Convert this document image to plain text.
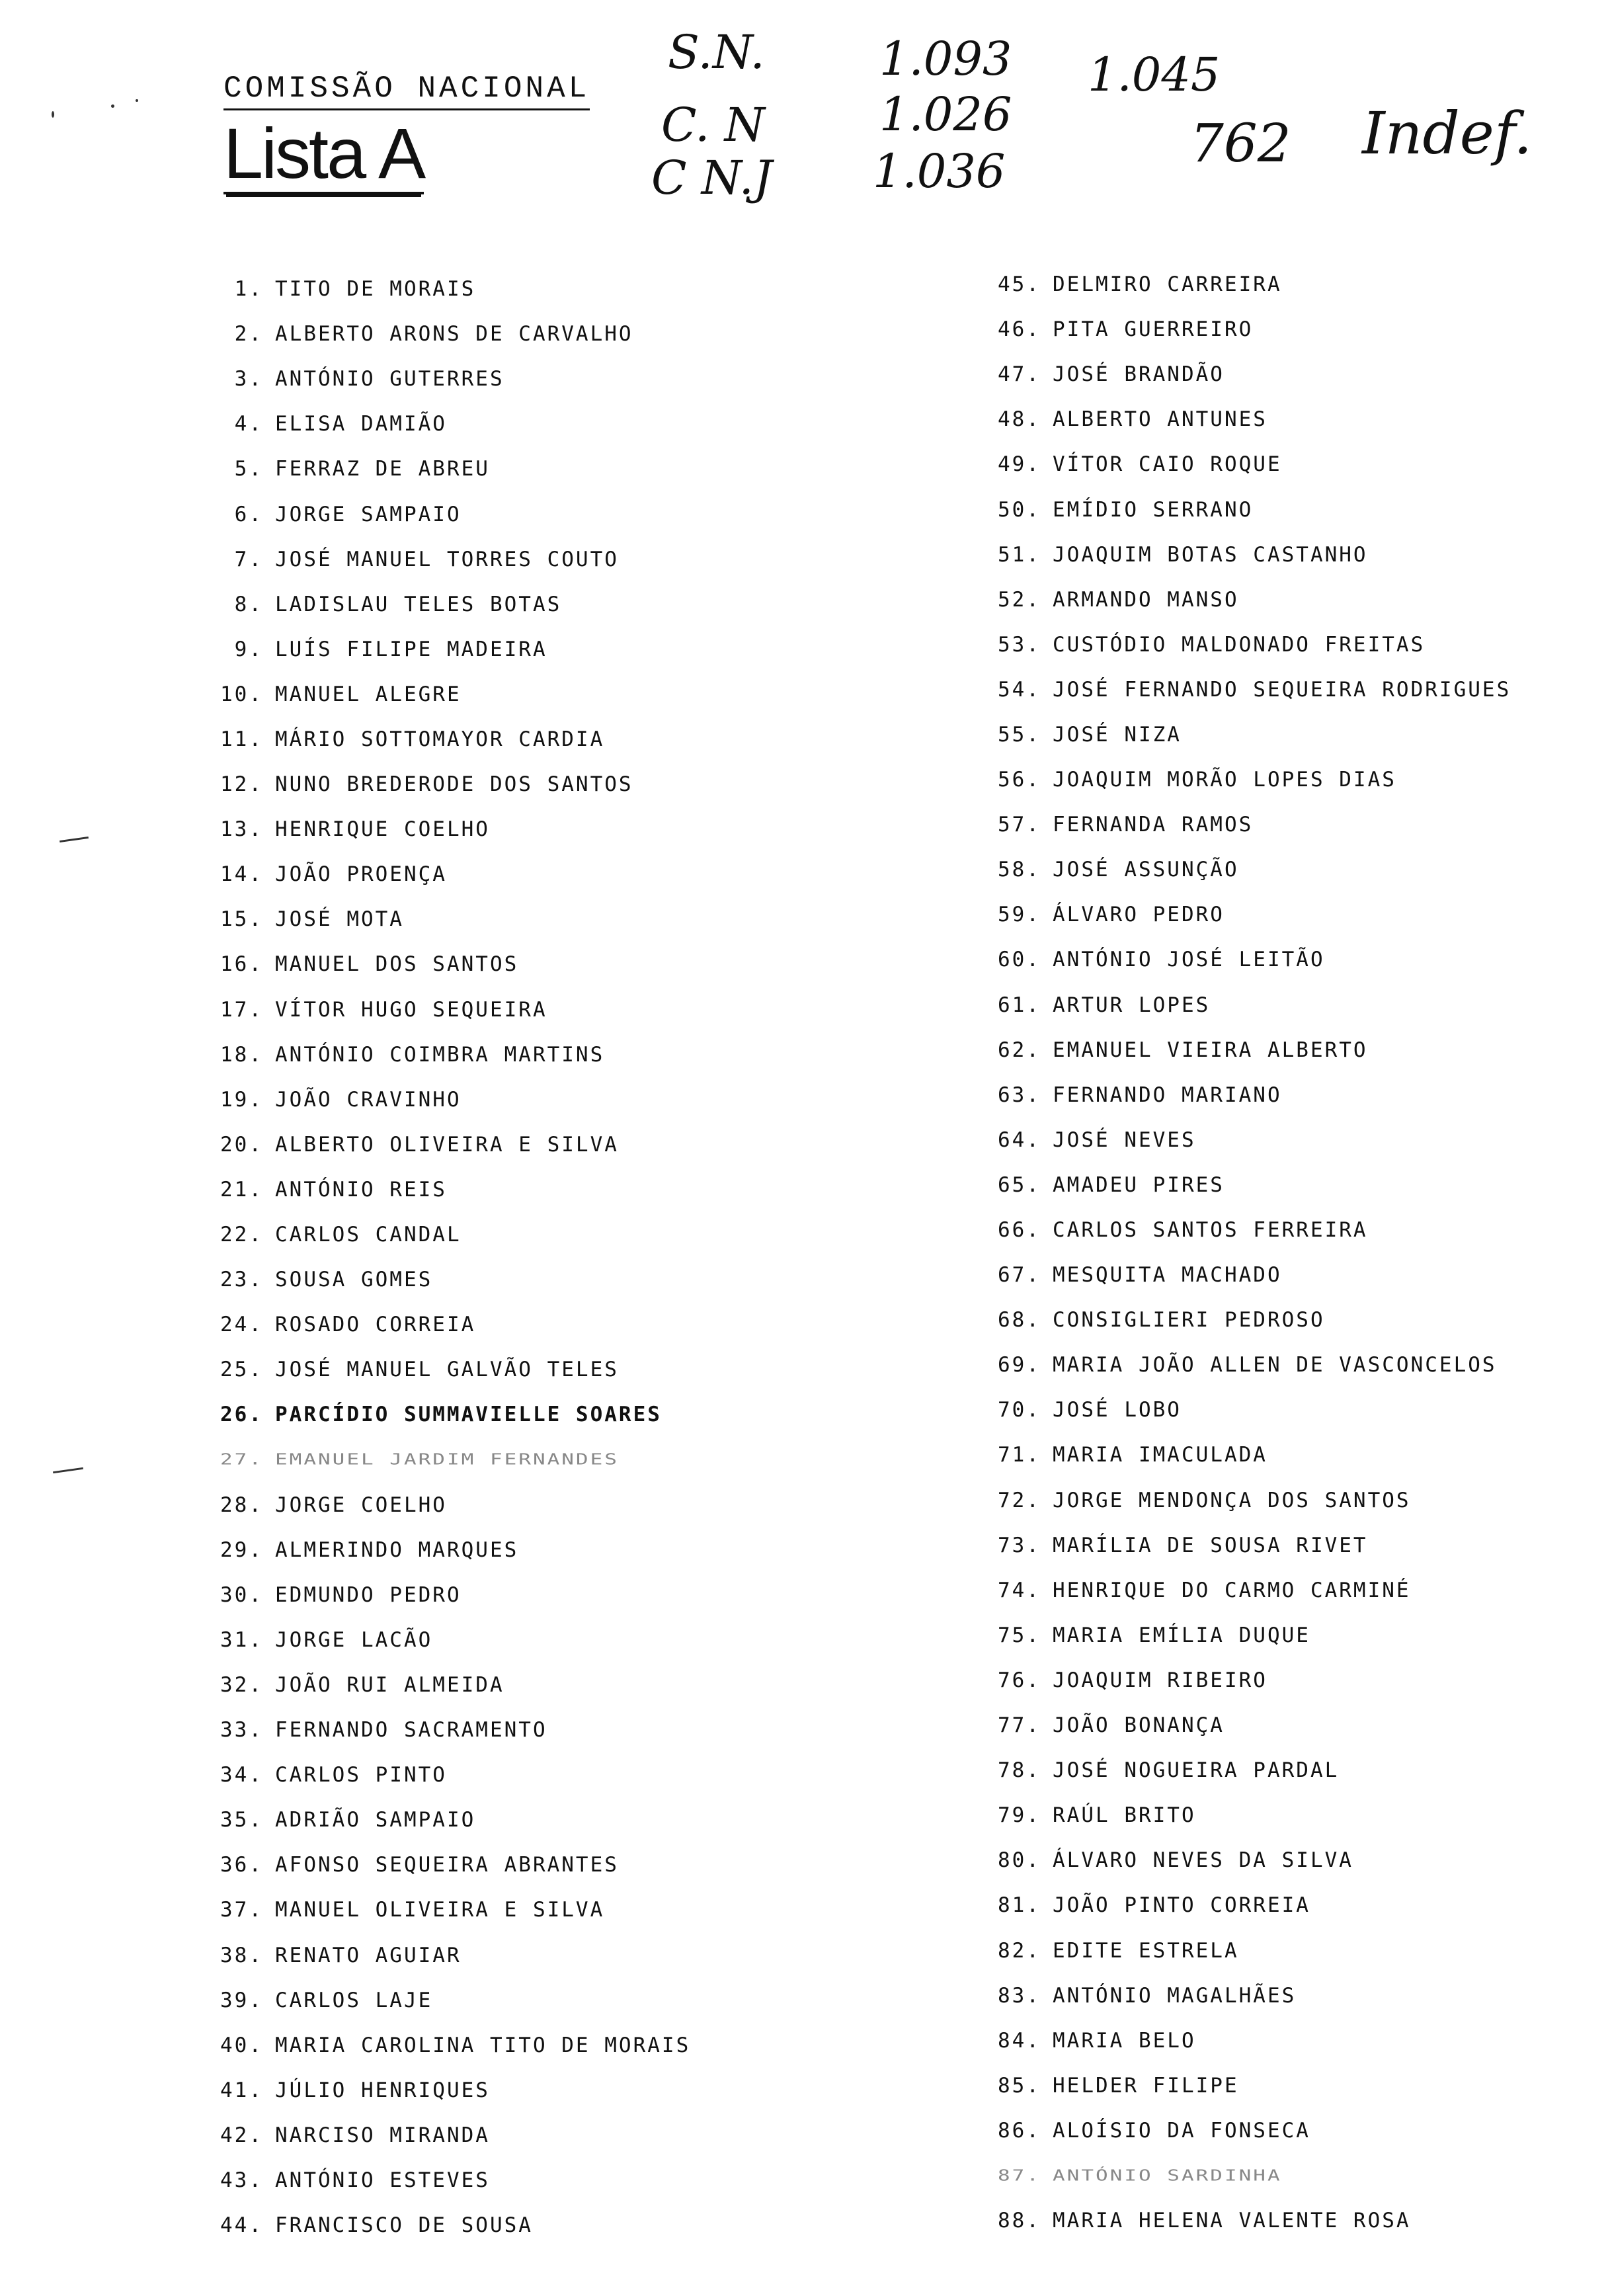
COMISSÃO NACIONAL
Lista A
S.N. 1.093
C. N 1.026
C N.J 1.036
1.045
762 Indef.
1. TITO DE MORAIS
2. ALBERTO ARONS DE CARVALHO
3. ANTÓNIO GUTERRES
4. ELISA DAMIÃO
5. FERRAZ DE ABREU
6. JORGE SAMPAIO
7. JOSÉ MANUEL TORRES COUTO
8. LADISLAU TELES BOTAS
9. LUÍS FILIPE MADEIRA
10. MANUEL ALEGRE
11. MÁRIO SOTTOMAYOR CARDIA
12. NUNO BREDERODE DOS SANTOS
13. HENRIQUE COELHO
14. JOÃO PROENÇA
15. JOSÉ MOTA
16. MANUEL DOS SANTOS
17. VÍTOR HUGO SEQUEIRA
18. ANTÓNIO COIMBRA MARTINS
19. JOÃO CRAVINHO
20. ALBERTO OLIVEIRA E SILVA
21. ANTÓNIO REIS
22. CARLOS CANDAL
23. SOUSA GOMES
24. ROSADO CORREIA
25. JOSÉ MANUEL GALVÃO TELES
26. PARCÍDIO SUMMAVIELLE SOARES
27. EMANUEL JARDIM FERNANDES
28. JORGE COELHO
29. ALMERINDO MARQUES
30. EDMUNDO PEDRO
31. JORGE LACÃO
32. JOÃO RUI ALMEIDA
33. FERNANDO SACRAMENTO
34. CARLOS PINTO
35. ADRIÃO SAMPAIO
36. AFONSO SEQUEIRA ABRANTES
37. MANUEL OLIVEIRA E SILVA
38. RENATO AGUIAR
39. CARLOS LAJE
40. MARIA CAROLINA TITO DE MORAIS
41. JÚLIO HENRIQUES
42. NARCISO MIRANDA
43. ANTÓNIO ESTEVES
44. FRANCISCO DE SOUSA
45. DELMIRO CARREIRA
46. PITA GUERREIRO
47. JOSÉ BRANDÃO
48. ALBERTO ANTUNES
49. VÍTOR CAIO ROQUE
50. EMÍDIO SERRANO
51. JOAQUIM BOTAS CASTANHO
52. ARMANDO MANSO
53. CUSTÓDIO MALDONADO FREITAS
54. JOSÉ FERNANDO SEQUEIRA RODRIGUES
55. JOSÉ NIZA
56. JOAQUIM MORÃO LOPES DIAS
57. FERNANDA RAMOS
58. JOSÉ ASSUNÇÃO
59. ÁLVARO PEDRO
60. ANTÓNIO JOSÉ LEITÃO
61. ARTUR LOPES
62. EMANUEL VIEIRA ALBERTO
63. FERNANDO MARIANO
64. JOSÉ NEVES
65. AMADEU PIRES
66. CARLOS SANTOS FERREIRA
67. MESQUITA MACHADO
68. CONSIGLIERI PEDROSO
69. MARIA JOÃO ALLEN DE VASCONCELOS
70. JOSÉ LOBO
71. MARIA IMACULADA
72. JORGE MENDONÇA DOS SANTOS
73. MARÍLIA DE SOUSA RIVET
74. HENRIQUE DO CARMO CARMINÉ
75. MARIA EMÍLIA DUQUE
76. JOAQUIM RIBEIRO
77. JOÃO BONANÇA
78. JOSÉ NOGUEIRA PARDAL
79. RAÚL BRITO
80. ÁLVARO NEVES DA SILVA
81. JOÃO PINTO CORREIA
82. EDITE ESTRELA
83. ANTÓNIO MAGALHÃES
84. MARIA BELO
85. HELDER FILIPE
86. ALOÍSIO DA FONSECA
87. ANTÓNIO SARDINHA
88. MARIA HELENA VALENTE ROSA
